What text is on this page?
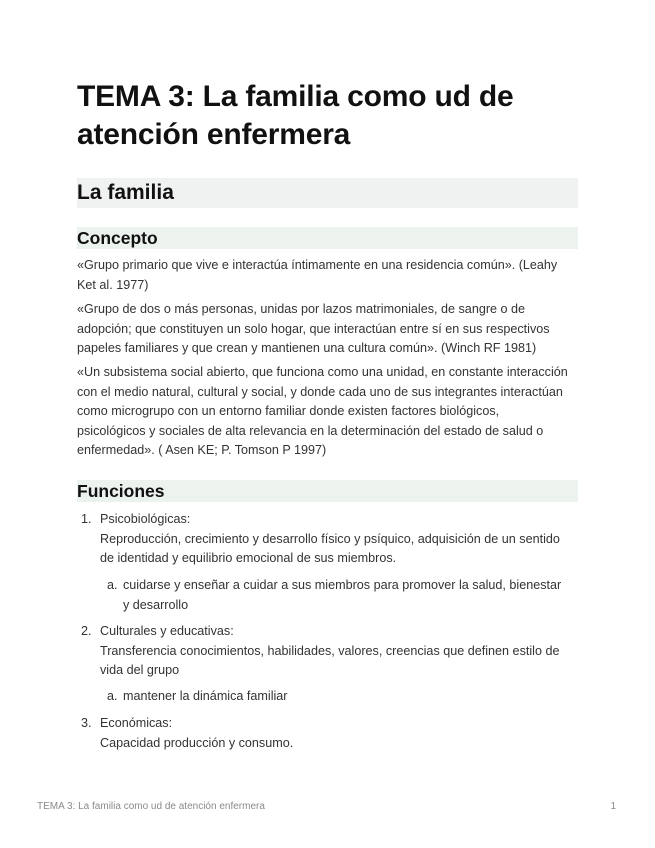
TEMA 3: La familia como ud de
atención enfermera
La familia
Concepto

«Grupo primario que vive e interactúa íntimamente en una residencia común». (Leahy
Ket al. 1977)

«Grupo de dos o más personas, unidas por lazos matrimoniales, de sangre o de
adopción; que constituyen un solo hogar, que interactúan entre sí en sus respectivos
papeles familiares y que crean y mantienen una cultura común». (Winch RF 1981)

«Un subsistema social abierto, que funciona como una unidad, en constante interacción
con el medio natural, cultural y social, y donde cada uno de sus integrantes interactúan
como microgrupo con un entorno familiar donde existen factores biológicos,
psicológicos y sociales de alta relevancia en la determinación del estado de salud o
enfermedad». ( Asen KE; P. Tomson P 1997)

Funciones
1. Psicobiológicas:
Reproducción, crecimiento y desarrollo físico y psíquico, adquisición de un sentido
de identidad y equilibrio emocional de sus miembros.
a. cuidarse y enseñar a cuidar a sus miembros para promover la salud, bienestar
y desarrollo
2. Culturales y educativas:
Transferencia conocimientos, habilidades, valores, creencias que definen estilo de
vida del grupo
a. mantener la dinámica familiar
3. Económicas:
Capacidad producción y consumo.
TEMA 3: La familia como ud de atención enfermera	1
